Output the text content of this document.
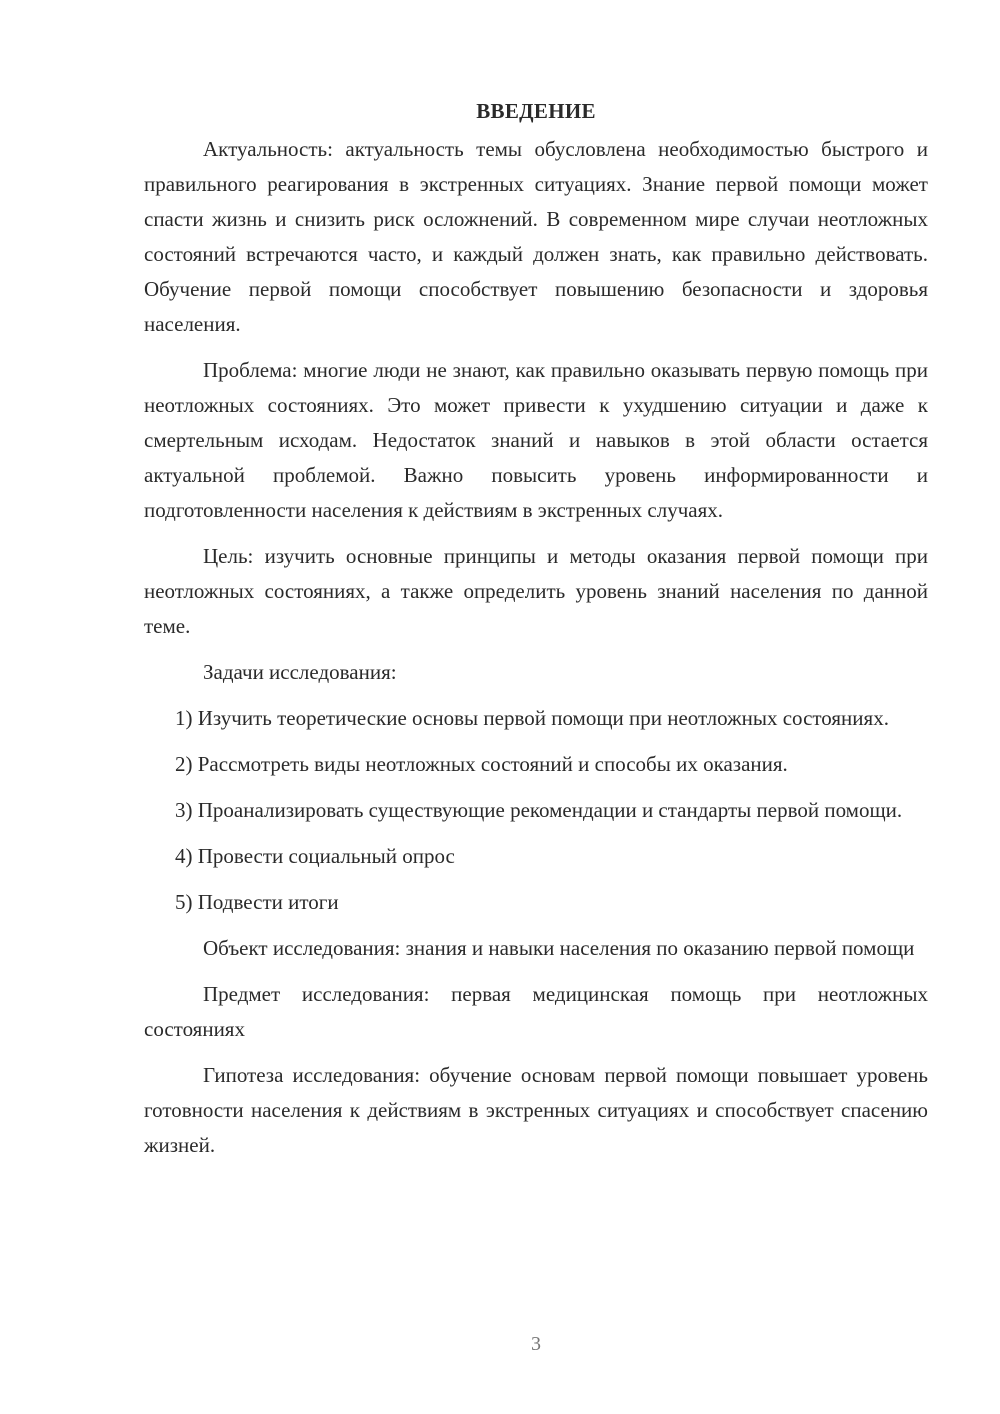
ВВЕДЕНИЕ

Актуальность: актуальность темы обусловлена необходимостью быстрого и правильного реагирования в экстренных ситуациях. Знание первой помощи может спасти жизнь и снизить риск осложнений. В современном мире случаи неотложных состояний встречаются часто, и каждый должен знать, как правильно действовать. Обучение первой помощи способствует повышению безопасности и здоровья населения.

Проблема: многие люди не знают, как правильно оказывать первую помощь при неотложных состояниях. Это может привести к ухудшению ситуации и даже к смертельным исходам. Недостаток знаний и навыков в этой области остается актуальной проблемой. Важно повысить уровень информированности и подготовленности населения к действиям в экстренных случаях.

Цель: изучить основные принципы и методы оказания первой помощи при неотложных состояниях, а также определить уровень знаний населения по данной теме.

Задачи исследования:

1) Изучить теоретические основы первой помощи при неотложных состояниях.

2) Рассмотреть виды неотложных состояний и способы их оказания.

3) Проанализировать существующие рекомендации и стандарты первой помощи.

4) Провести социальный опрос

5) Подвести итоги

Объект исследования: знания и навыки населения по оказанию первой помощи

Предмет исследования: первая медицинская помощь при неотложных состояниях

Гипотеза исследования: обучение основам первой помощи повышает уровень готовности населения к действиям в экстренных ситуациях и способствует спасению жизней.

3
